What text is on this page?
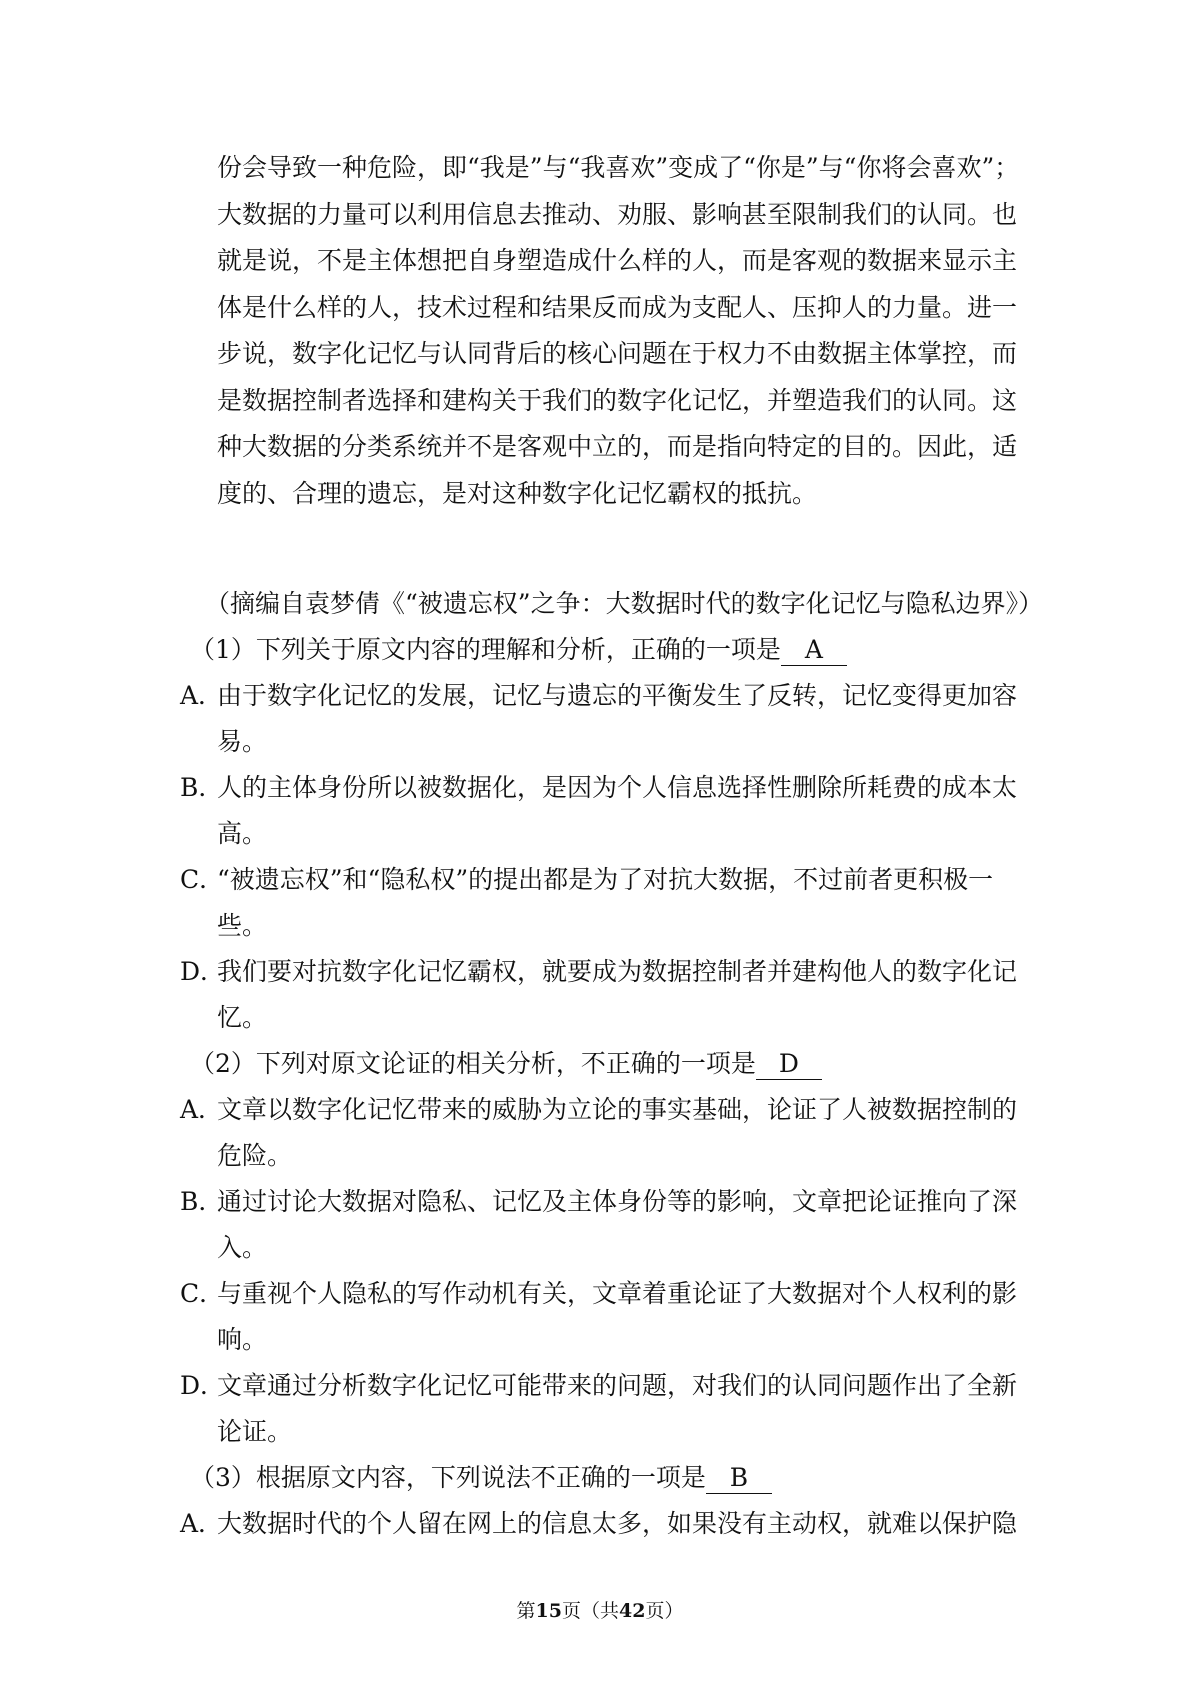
份会导致一种危险，即“我是”与“我喜欢”变成了“你是”与“你将会喜欢”；大数据的力量可以利用信息去推动、劝服、影响甚至限制我们的认同。也就是说，不是主体想把自身塑造成什么样的人，而是客观的数据来显示主体是什么样的人，技术过程和结果反而成为支配人、压抑人的力量。进一步说，数字化记忆与认同背后的核心问题在于权力不由数据主体掌控，而是数据控制者选择和建构关于我们的数字化记忆，并塑造我们的认同。这种大数据的分类系统并不是客观中立的，而是指向特定的目的。因此，适度的、合理的遗忘，是对这种数字化记忆霸权的抵抗。

（摘编自袁梦倩《“被遗忘权”之争：大数据时代的数字化记忆与隐私边界》）
（1）下列关于原文内容的理解和分析，正确的一项是 A

A．由于数字化记忆的发展，记忆与遗忘的平衡发生了反转，记忆变得更加容易。

B．人的主体身份所以被数据化，是因为个人信息选择性删除所耗费的成本太高。

C．“被遗忘权”和“隐私权”的提出都是为了对抗大数据，不过前者更积极一些。

D．我们要对抗数字化记忆霸权，就要成为数据控制者并建构他人的数字化记忆。

（2）下列对原文论证的相关分析，不正确的一项是 D

A．文章以数字化记忆带来的威胁为立论的事实基础，论证了人被数据控制的危险。

B．通过讨论大数据对隐私、记忆及主体身份等的影响，文章把论证推向了深入。

C．与重视个人隐私的写作动机有关，文章着重论证了大数据对个人权利的影响。

D．文章通过分析数字化记忆可能带来的问题，对我们的认同问题作出了全新论证。

（3）根据原文内容，下列说法不正确的一项是 B

A．大数据时代的个人留在网上的信息太多，如果没有主动权，就难以保护隐

第15页（共42页）
